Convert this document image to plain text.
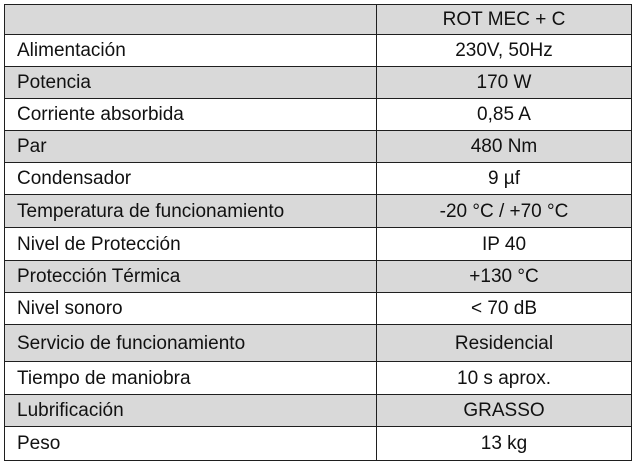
	ROT MEC + C
Alimentación	230V, 50Hz
Potencia	170 W
Corriente absorbida	0,85 A
Par	480 Nm
Condensador	9 µf
Temperatura de funcionamiento	-20 °C / +70 °C
Nivel de Protección	IP 40
Protección Térmica	+130 °C
Nivel sonoro	< 70 dB
Servicio de funcionamiento	Residencial
Tiempo de maniobra	10 s aprox.
Lubrificación	GRASSO
Peso	13 kg
